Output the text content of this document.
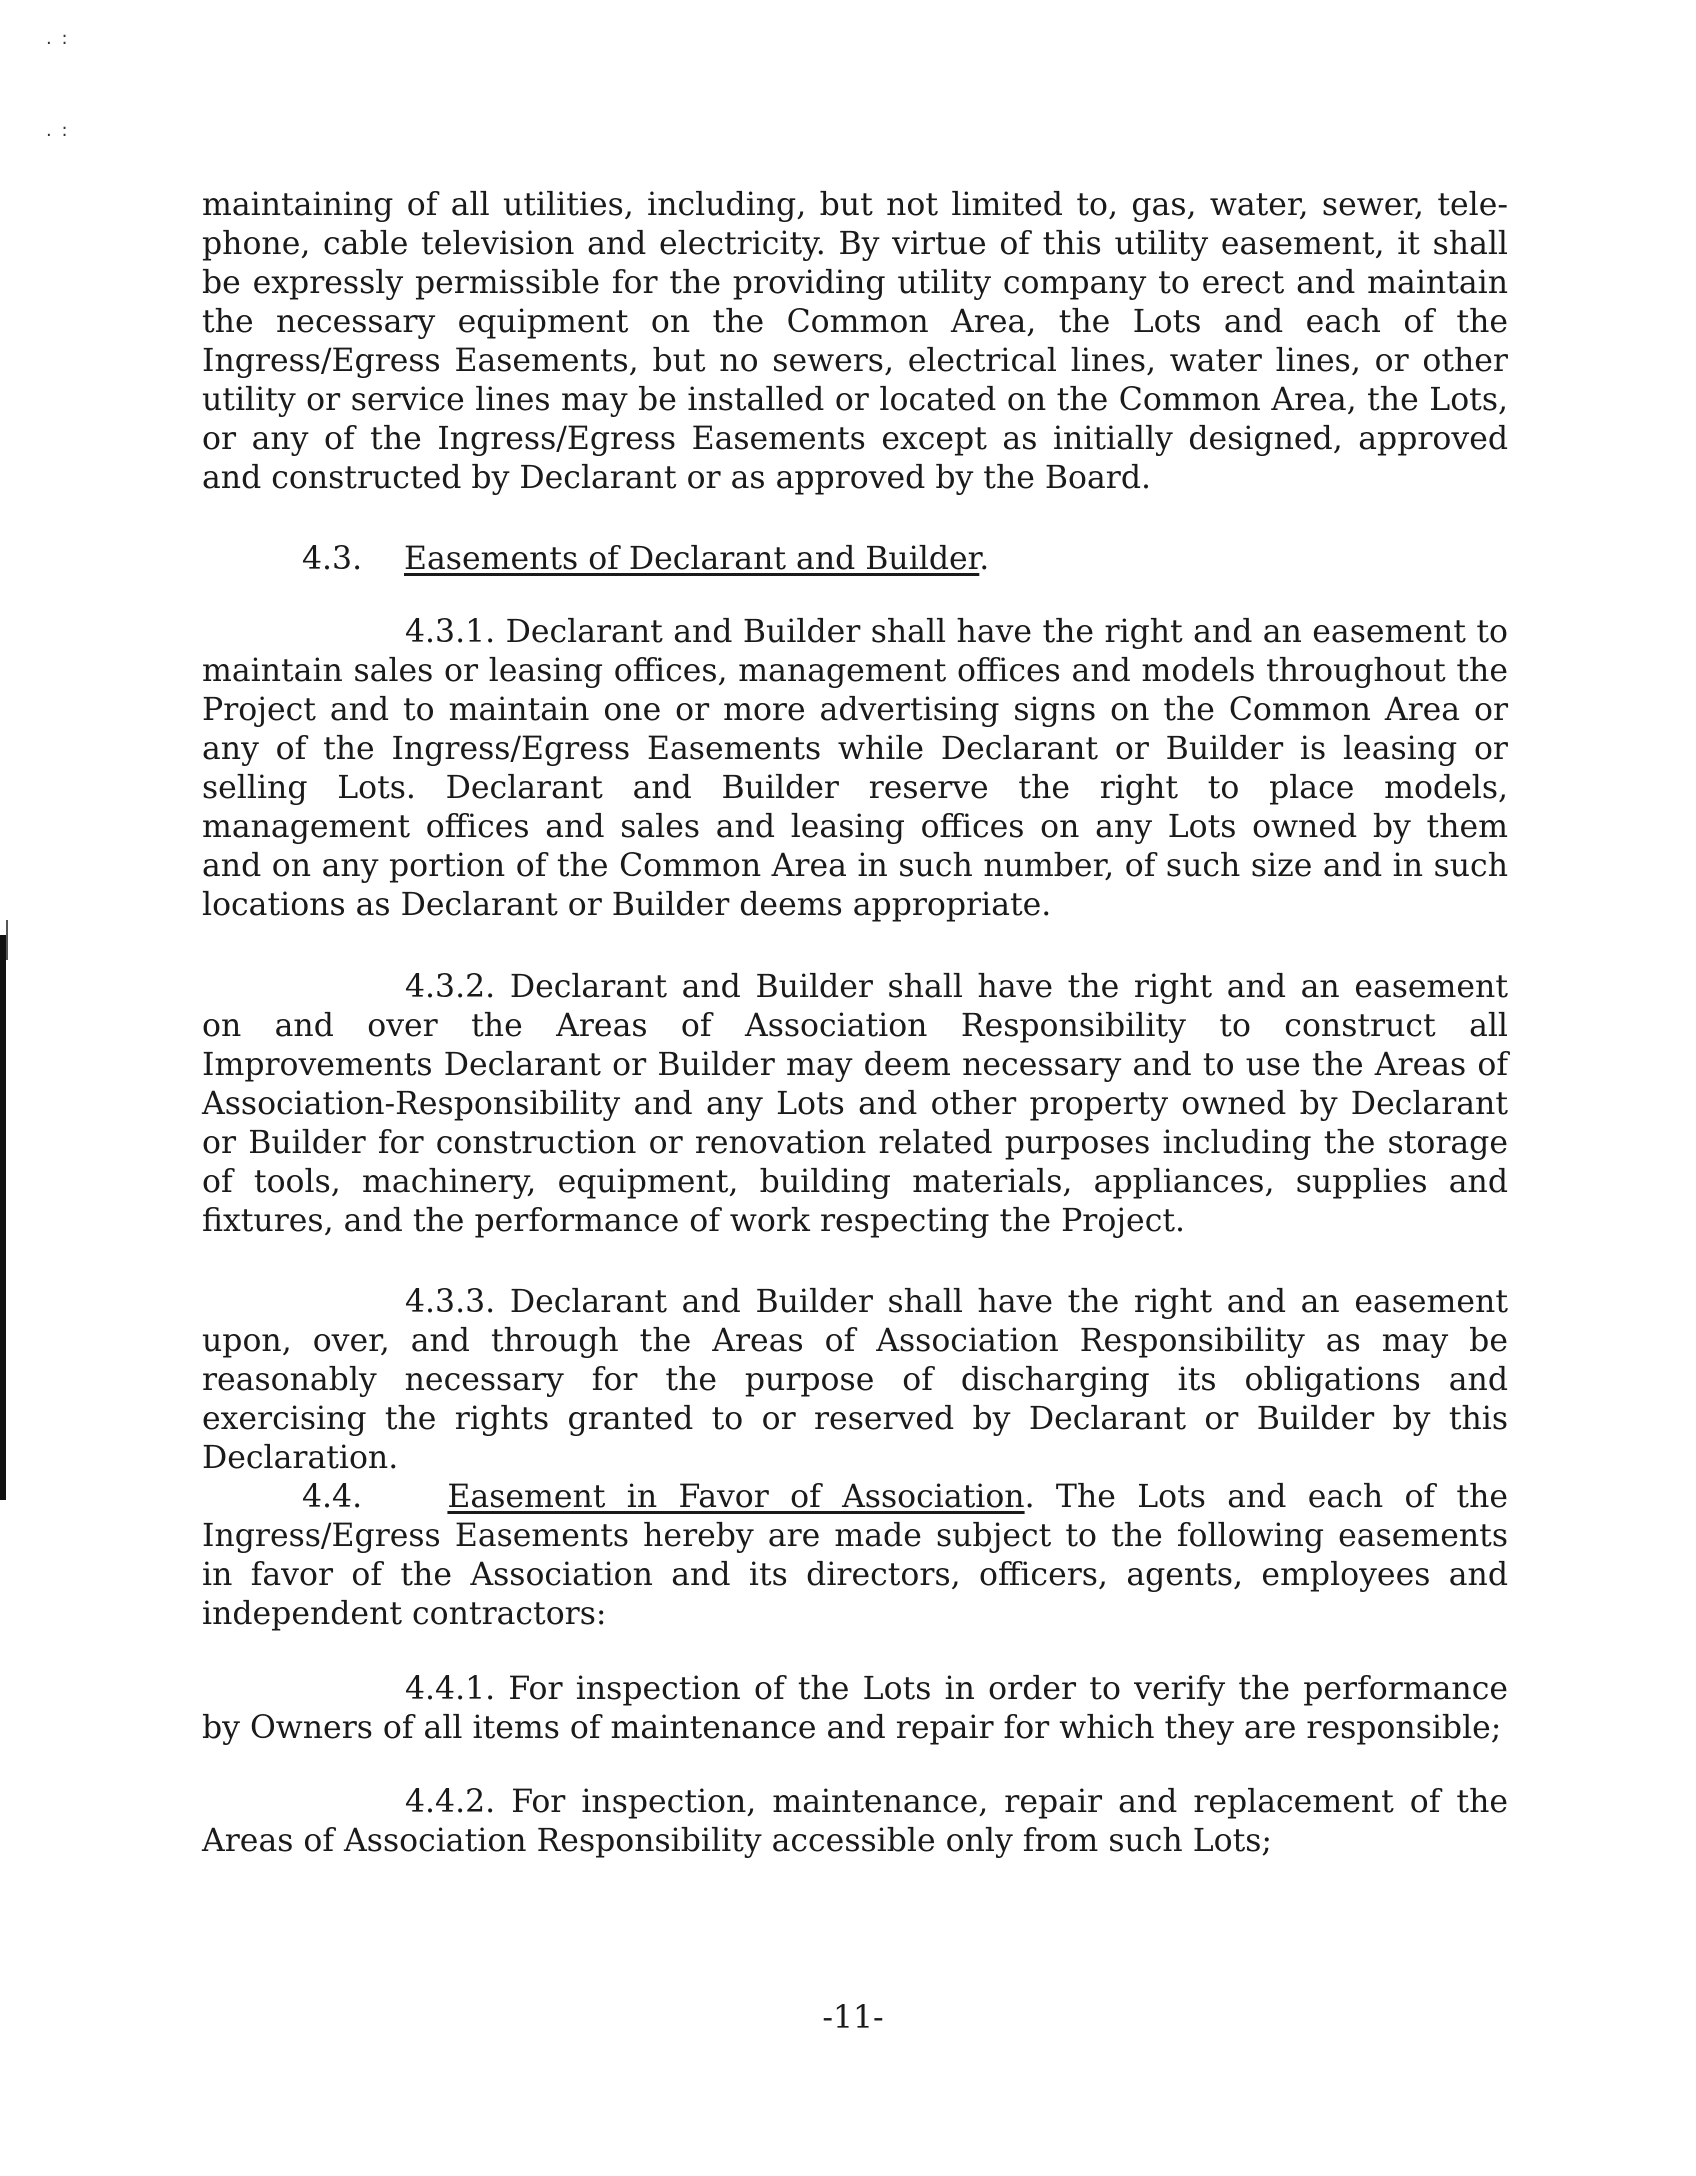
. :
. :

maintaining of all utilities, including, but not limited to, gas, water, sewer, tele-phone, cable television and electricity. By virtue of this utility easement, it shall be expressly permissible for the providing utility company to erect and maintain the necessary equipment on the Common Area, the Lots and each of the Ingress/Egress Easements, but no sewers, electrical lines, water lines, or other utility or service lines may be installed or located on the Common Area, the Lots, or any of the Ingress/Egress Easements except as initially designed, approved and constructed by Declarant or as approved by the Board.

4.3. Easements of Declarant and Builder.

4.3.1. Declarant and Builder shall have the right and an easement to maintain sales or leasing offices, management offices and models throughout the Project and to maintain one or more advertising signs on the Common Area or any of the Ingress/Egress Easements while Declarant or Builder is leasing or selling Lots. Declarant and Builder reserve the right to place models, management offices and sales and leasing offices on any Lots owned by them and on any portion of the Common Area in such number, of such size and in such locations as Declarant or Builder deems appropriate.

4.3.2. Declarant and Builder shall have the right and an easement on and over the Areas of Association Responsibility to construct all Improvements Declarant or Builder may deem necessary and to use the Areas of Association-Responsibility and any Lots and other property owned by Declarant or Builder for construction or renovation related purposes including the storage of tools, machinery, equipment, building materials, appliances, supplies and fixtures, and the performance of work respecting the Project.

4.3.3. Declarant and Builder shall have the right and an easement upon, over, and through the Areas of Association Responsibility as may be reasonably necessary for the purpose of discharging its obligations and exercising the rights granted to or reserved by Declarant or Builder by this Declaration.

4.4.	Easement in Favor of Association. The Lots and each of the Ingress/Egress Easements hereby are made subject to the following easements in favor of the Association and its directors, officers, agents, employees and independent contractors:

4.4.1. For inspection of the Lots in order to verify the performance by Owners of all items of maintenance and repair for which they are responsible;

4.4.2. For inspection, maintenance, repair and replacement of the Areas of Association Responsibility accessible only from such Lots;

-11-
